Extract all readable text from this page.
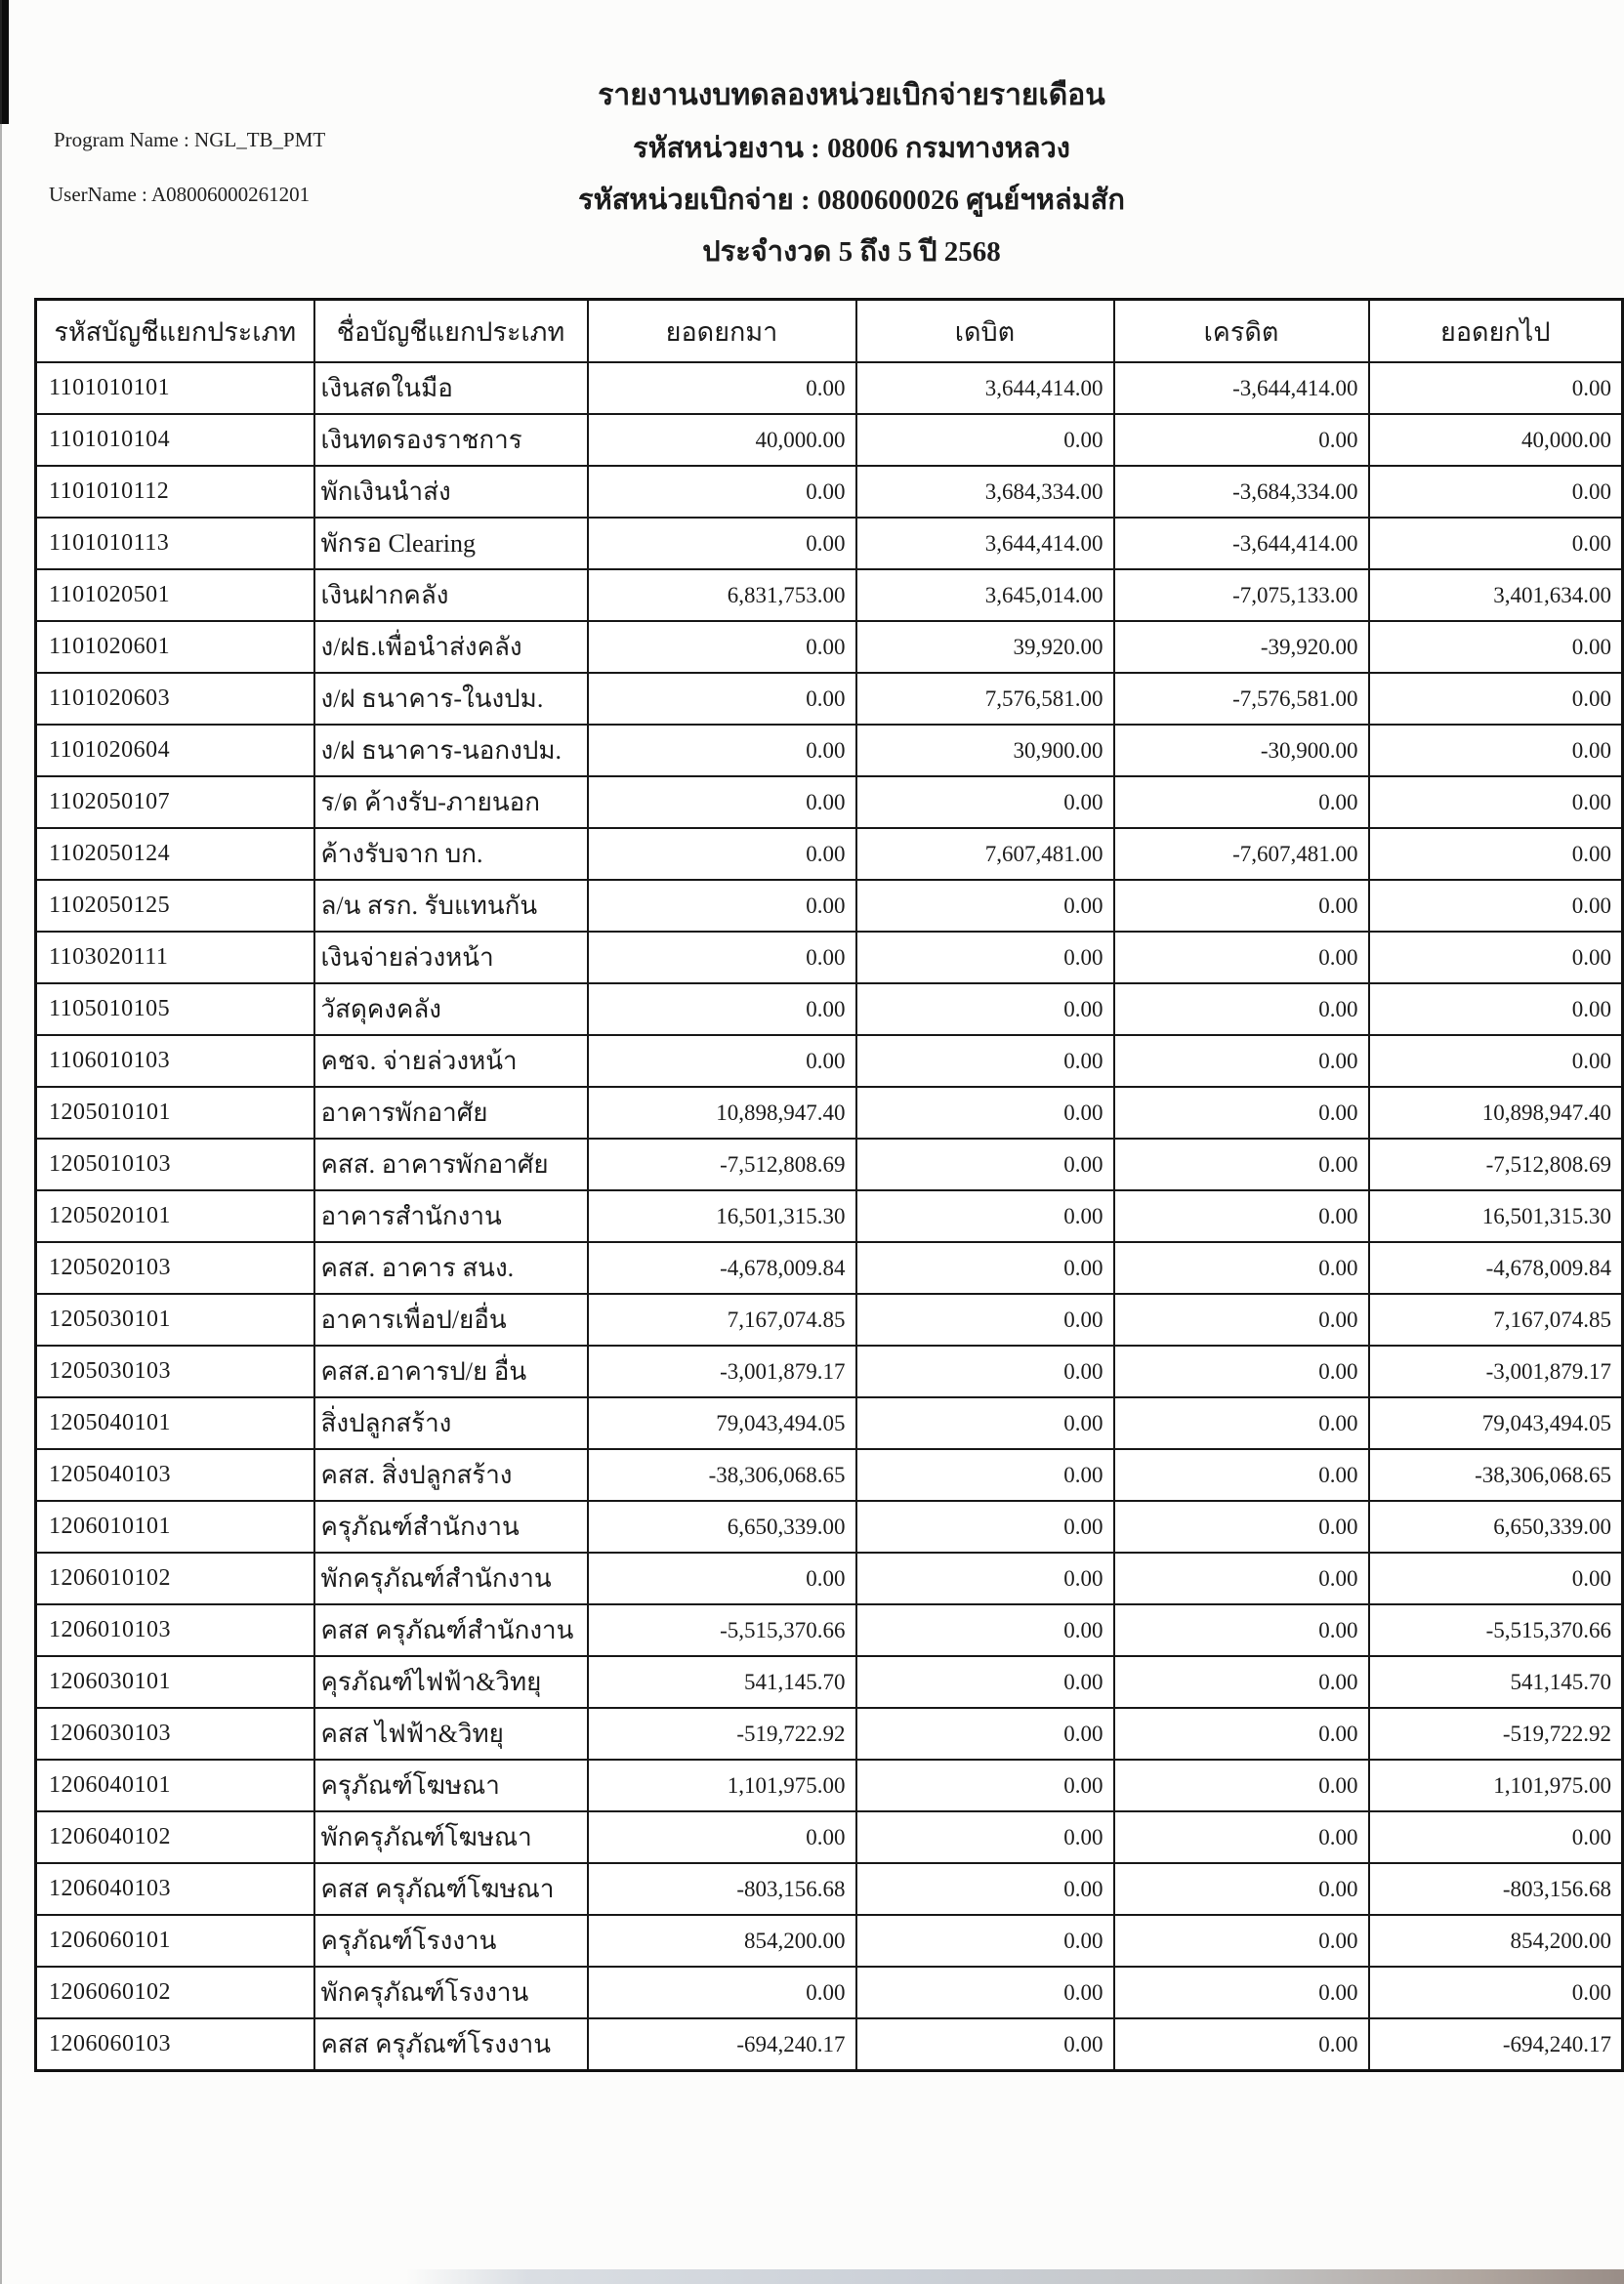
รายงานงบทดลองหน่วยเบิกจ่ายรายเดือน
Program Name : NGL_TB_PMT	รหัสหน่วยงาน : 08006 กรมทางหลวง
UserName : A08006000261201	รหัสหน่วยเบิกจ่าย : 0800600026 ศูนย์ฯหล่มสัก
ประจำงวด 5 ถึง 5 ปี 2568
รหัสบัญชีแยกประเภท	ชื่อบัญชีแยกประเภท	ยอดยกมา	เดบิต	เครดิต	ยอดยกไป
1101010101	เงินสดในมือ	0.00	3,644,414.00	-3,644,414.00	0.00
1101010104	เงินทดรองราชการ	40,000.00	0.00	0.00	40,000.00
1101010112	พักเงินนำส่ง	0.00	3,684,334.00	-3,684,334.00	0.00
1101010113	พักรอ Clearing	0.00	3,644,414.00	-3,644,414.00	0.00
1101020501	เงินฝากคลัง	6,831,753.00	3,645,014.00	-7,075,133.00	3,401,634.00
1101020601	ง/ฝธ.เพื่อนำส่งคลัง	0.00	39,920.00	-39,920.00	0.00
1101020603	ง/ฝ ธนาคาร-ในงปม.	0.00	7,576,581.00	-7,576,581.00	0.00
1101020604	ง/ฝ ธนาคาร-นอกงปม.	0.00	30,900.00	-30,900.00	0.00
1102050107	ร/ด ค้างรับ-ภายนอก	0.00	0.00	0.00	0.00
1102050124	ค้างรับจาก บก.	0.00	7,607,481.00	-7,607,481.00	0.00
1102050125	ล/น สรก. รับแทนกัน	0.00	0.00	0.00	0.00
1103020111	เงินจ่ายล่วงหน้า	0.00	0.00	0.00	0.00
1105010105	วัสดุคงคลัง	0.00	0.00	0.00	0.00
1106010103	คชจ. จ่ายล่วงหน้า	0.00	0.00	0.00	0.00
1205010101	อาคารพักอาศัย	10,898,947.40	0.00	0.00	10,898,947.40
1205010103	คสส. อาคารพักอาศัย	-7,512,808.69	0.00	0.00	-7,512,808.69
1205020101	อาคารสำนักงาน	16,501,315.30	0.00	0.00	16,501,315.30
1205020103	คสส. อาคาร สนง.	-4,678,009.84	0.00	0.00	-4,678,009.84
1205030101	อาคารเพื่อป/ยอื่น	7,167,074.85	0.00	0.00	7,167,074.85
1205030103	คสส.อาคารป/ย อื่น	-3,001,879.17	0.00	0.00	-3,001,879.17
1205040101	สิ่งปลูกสร้าง	79,043,494.05	0.00	0.00	79,043,494.05
1205040103	คสส. สิ่งปลูกสร้าง	-38,306,068.65	0.00	0.00	-38,306,068.65
1206010101	ครุภัณฑ์สำนักงาน	6,650,339.00	0.00	0.00	6,650,339.00
1206010102	พักครุภัณฑ์สำนักงาน	0.00	0.00	0.00	0.00
1206010103	คสส ครุภัณฑ์สำนักงาน	-5,515,370.66	0.00	0.00	-5,515,370.66
1206030101	คุรภัณฑ์ไฟฟ้า&วิทยุ	541,145.70	0.00	0.00	541,145.70
1206030103	คสส ไฟฟ้า&วิทยุ	-519,722.92	0.00	0.00	-519,722.92
1206040101	ครุภัณฑ์โฆษณา	1,101,975.00	0.00	0.00	1,101,975.00
1206040102	พักครุภัณฑ์โฆษณา	0.00	0.00	0.00	0.00
1206040103	คสส ครุภัณฑ์โฆษณา	-803,156.68	0.00	0.00	-803,156.68
1206060101	ครุภัณฑ์โรงงาน	854,200.00	0.00	0.00	854,200.00
1206060102	พักครุภัณฑ์โรงงาน	0.00	0.00	0.00	0.00
1206060103	คสส ครุภัณฑ์โรงงาน	-694,240.17	0.00	0.00	-694,240.17
